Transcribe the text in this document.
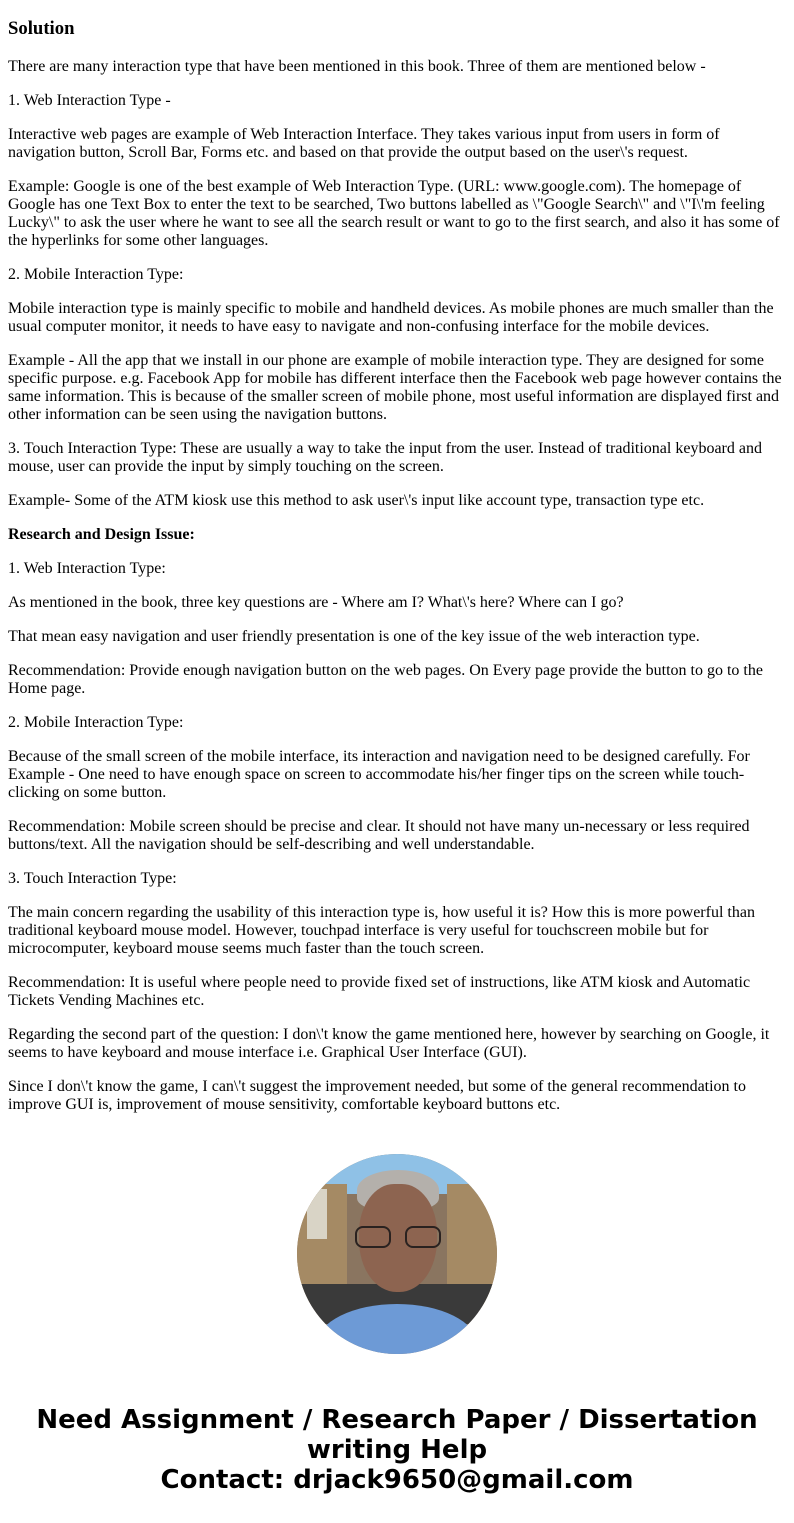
Solution

There are many interaction type that have been mentioned in this book. Three of them are mentioned below -

1. Web Interaction Type -

Interactive web pages are example of Web Interaction Interface. They takes various input from users in form of navigation button, Scroll Bar, Forms etc. and based on that provide the output based on the user\'s request.

Example: Google is one of the best example of Web Interaction Type. (URL: www.google.com). The homepage of Google has one Text Box to enter the text to be searched, Two buttons labelled as \"Google Search\" and \"I\'m feeling Lucky\" to ask the user where he want to see all the search result or want to go to the first search, and also it has some of the hyperlinks for some other languages.

2. Mobile Interaction Type:

Mobile interaction type is mainly specific to mobile and handheld devices. As mobile phones are much smaller than the usual computer monitor, it needs to have easy to navigate and non-confusing interface for the mobile devices.

Example - All the app that we install in our phone are example of mobile interaction type. They are designed for some specific purpose. e.g. Facebook App for mobile has different interface then the Facebook web page however contains the same information. This is because of the smaller screen of mobile phone, most useful information are displayed first and other information can be seen using the navigation buttons.

3. Touch Interaction Type: These are usually a way to take the input from the user. Instead of traditional keyboard and mouse, user can provide the input by simply touching on the screen.

Example- Some of the ATM kiosk use this method to ask user\'s input like account type, transaction type etc.

Research and Design Issue:

1. Web Interaction Type:

As mentioned in the book, three key questions are - Where am I? What\'s here? Where can I go?

That mean easy navigation and user friendly presentation is one of the key issue of the web interaction type.

Recommendation: Provide enough navigation button on the web pages. On Every page provide the button to go to the Home page.

2. Mobile Interaction Type:

Because of the small screen of the mobile interface, its interaction and navigation need to be designed carefully. For Example - One need to have enough space on screen to accommodate his/her finger tips on the screen while touch-clicking on some button.

Recommendation: Mobile screen should be precise and clear. It should not have many un-necessary or less required buttons/text. All the navigation should be self-describing and well understandable.

3. Touch Interaction Type:

The main concern regarding the usability of this interaction type is, how useful it is? How this is more powerful than traditional keyboard mouse model. However, touchpad interface is very useful for touchscreen mobile but for microcomputer, keyboard mouse seems much faster than the touch screen.

Recommendation: It is useful where people need to provide fixed set of instructions, like ATM kiosk and Automatic Tickets Vending Machines etc.

Regarding the second part of the question: I don\'t know the game mentioned here, however by searching on Google, it seems to have keyboard and mouse interface i.e. Graphical User Interface (GUI).

Since I don\'t know the game, I can\'t suggest the improvement needed, but some of the general recommendation to improve GUI is, improvement of mouse sensitivity, comfortable keyboard buttons etc.

Need Assignment / Research Paper / Dissertation writing Help
Contact: drjack9650@gmail.com
